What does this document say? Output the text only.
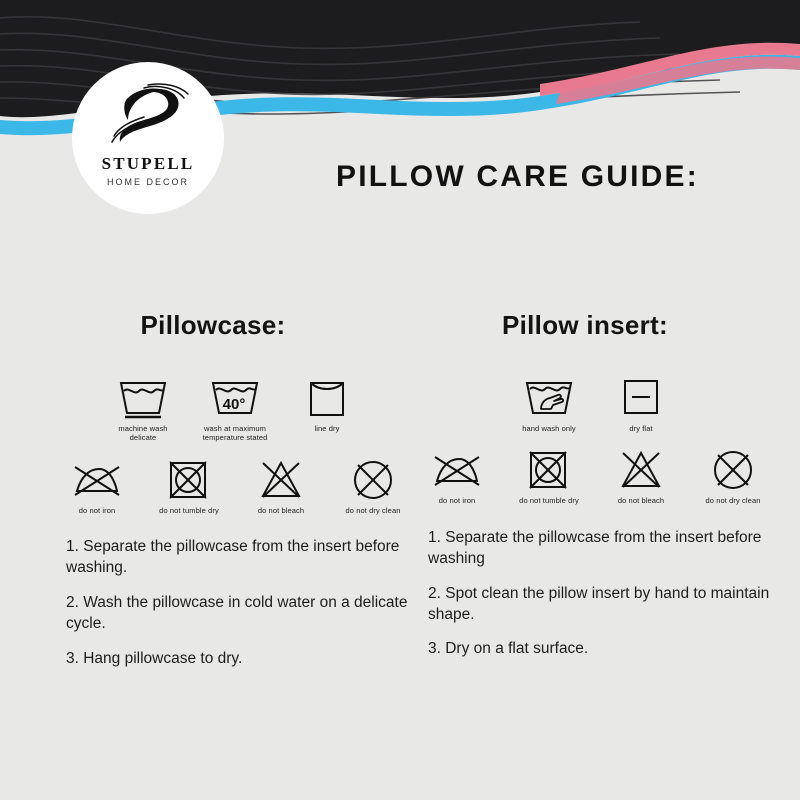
STUPELL
HOME DECOR	PILLOW CARE GUIDE:
Pillowcase:
machine wash
delicate
40°
wash at maximum
temperature stated
line dry
do not iron	do not tumble dry	do not bleach	do not dry clean
1. Separate the pillowcase from the insert before washing.
2. Wash the pillowcase in cold water on a delicate cycle.
3. Hang pillowcase to dry.
Pillow insert:
hand wash only	dry flat
do not iron	do not tumble dry	do not bleach	do not dry clean
1. Separate the pillowcase from the insert before washing
2. Spot clean the pillow insert by hand to maintain shape.
3. Dry on a flat surface.
